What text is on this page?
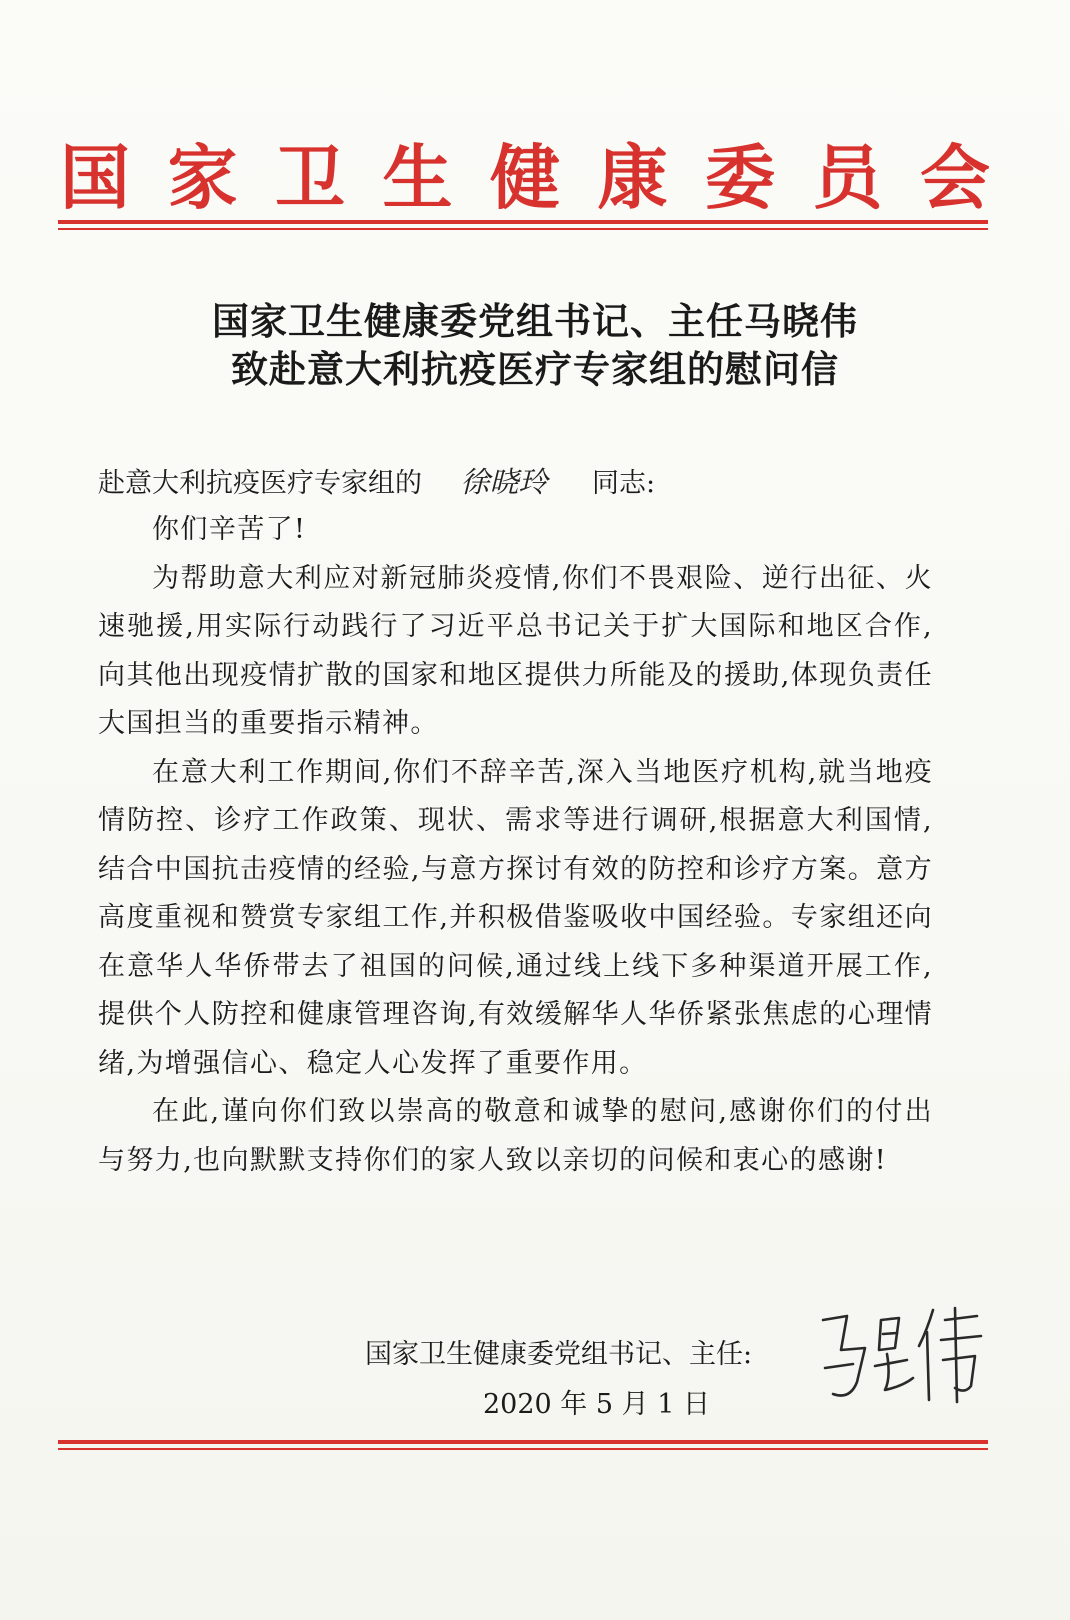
国 家 卫 生 健 康 委 员 会
国家卫生健康委党组书记、主任马晓伟
致赴意大利抗疫医疗专家组的慰问信
赴意大利抗疫医疗专家组的 徐晓玲 同志:

你们辛苦了!

为帮助意大利应对新冠肺炎疫情,你们不畏艰险、逆行出征、火速驰援,用实际行动践行了习近平总书记关于扩大国际和地区合作,向其他出现疫情扩散的国家和地区提供力所能及的援助,体现负责任大国担当的重要指示精神。

在意大利工作期间,你们不辞辛苦,深入当地医疗机构,就当地疫情防控、诊疗工作政策、现状、需求等进行调研,根据意大利国情,结合中国抗击疫情的经验,与意方探讨有效的防控和诊疗方案。意方高度重视和赞赏专家组工作,并积极借鉴吸收中国经验。专家组还向在意华人华侨带去了祖国的问候,通过线上线下多种渠道开展工作,提供个人防控和健康管理咨询,有效缓解华人华侨紧张焦虑的心理情绪,为增强信心、稳定人心发挥了重要作用。

在此,谨向你们致以崇高的敬意和诚挚的慰问,感谢你们的付出与努力,也向默默支持你们的家人致以亲切的问候和衷心的感谢!

国家卫生健康委党组书记、主任:
2020 年 5 月 1 日
